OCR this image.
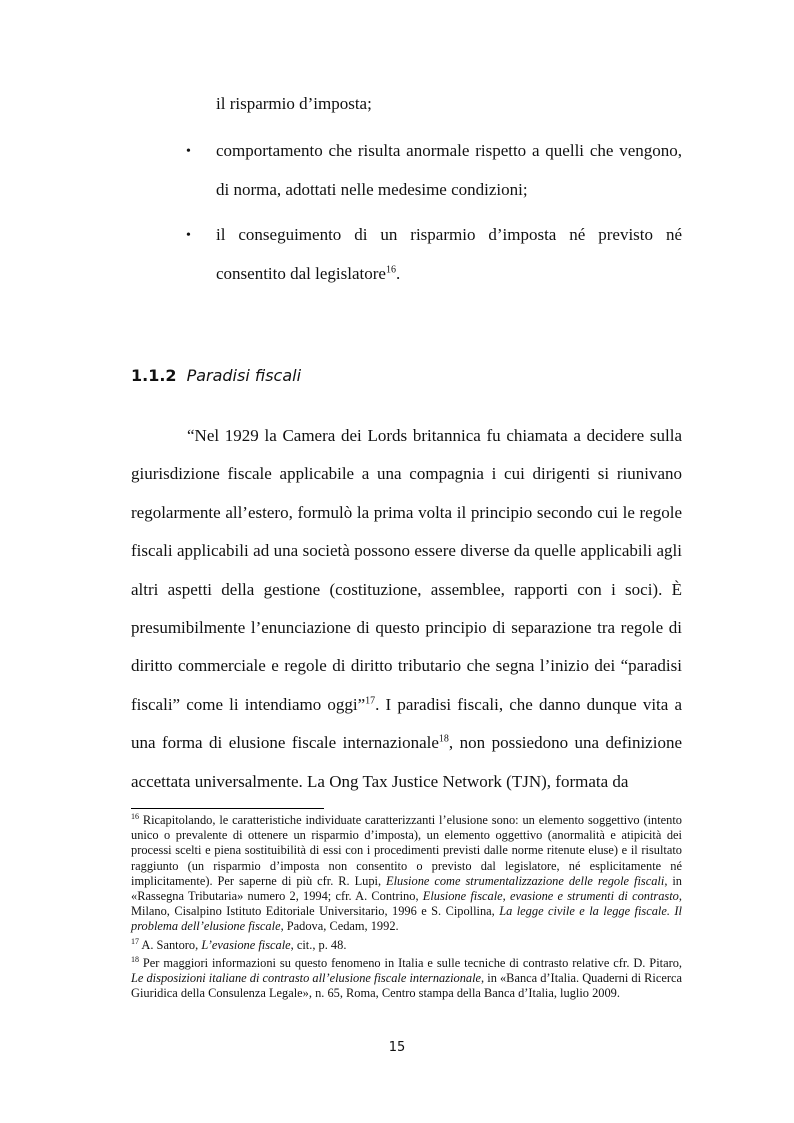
il risparmio d’imposta;
• comportamento che risulta anormale rispetto a quelli che vengono, di norma, adottati nelle medesime condizioni;
• il conseguimento di un risparmio d’imposta né previsto né consentito dal legislatore$^{16}$.
1.1.2 Paradisi fiscali

“Nel 1929 la Camera dei Lords britannica fu chiamata a decidere sulla giurisdizione fiscale applicabile a una compagnia i cui dirigenti si riunivano regolarmente all’estero, formulò la prima volta il principio secondo cui le regole fiscali applicabili ad una società possono essere diverse da quelle applicabili agli altri aspetti della gestione (costituzione, assemblee, rapporti con i soci). È presumibilmente l’enunciazione di questo principio di separazione tra regole di diritto commerciale e regole di diritto tributario che segna l’inizio dei “paradisi fiscali” come li intendiamo oggi”$^{17}$. I paradisi fiscali, che danno dunque vita a una forma di elusione fiscale internazionale$^{18}$, non possiedono una definizione accettata universalmente. La Ong Tax Justice Network (TJN), formata da

$^{16}$ Ricapitolando, le caratteristiche individuate caratterizzanti l’elusione sono: un elemento soggettivo (intento unico o prevalente di ottenere un risparmio d’imposta), un elemento oggettivo (anormalità e atipicità dei processi scelti e piena sostituibilità di essi con i procedimenti previsti dalle norme ritenute eluse) e il risultato raggiunto (un risparmio d’imposta non consentito o previsto dal legislatore, né esplicitamente né implicitamente). Per saperne di più cfr. R. Lupi, Elusione come strumentalizzazione delle regole fiscali, in «Rassegna Tributaria» numero 2, 1994; cfr. A. Contrino, Elusione fiscale, evasione e strumenti di contrasto, Milano, Cisalpino Istituto Editoriale Universitario, 1996 e S. Cipollina, La legge civile e la legge fiscale. Il problema dell’elusione fiscale, Padova, Cedam, 1992.

$^{17}$ A. Santoro, L’evasione fiscale, cit., p. 48.

$^{18}$ Per maggiori informazioni su questo fenomeno in Italia e sulle tecniche di contrasto relative cfr. D. Pitaro, Le disposizioni italiane di contrasto all’elusione fiscale internazionale, in «Banca d’Italia. Quaderni di Ricerca Giuridica della Consulenza Legale», n. 65, Roma, Centro stampa della Banca d’Italia, luglio 2009.

15
